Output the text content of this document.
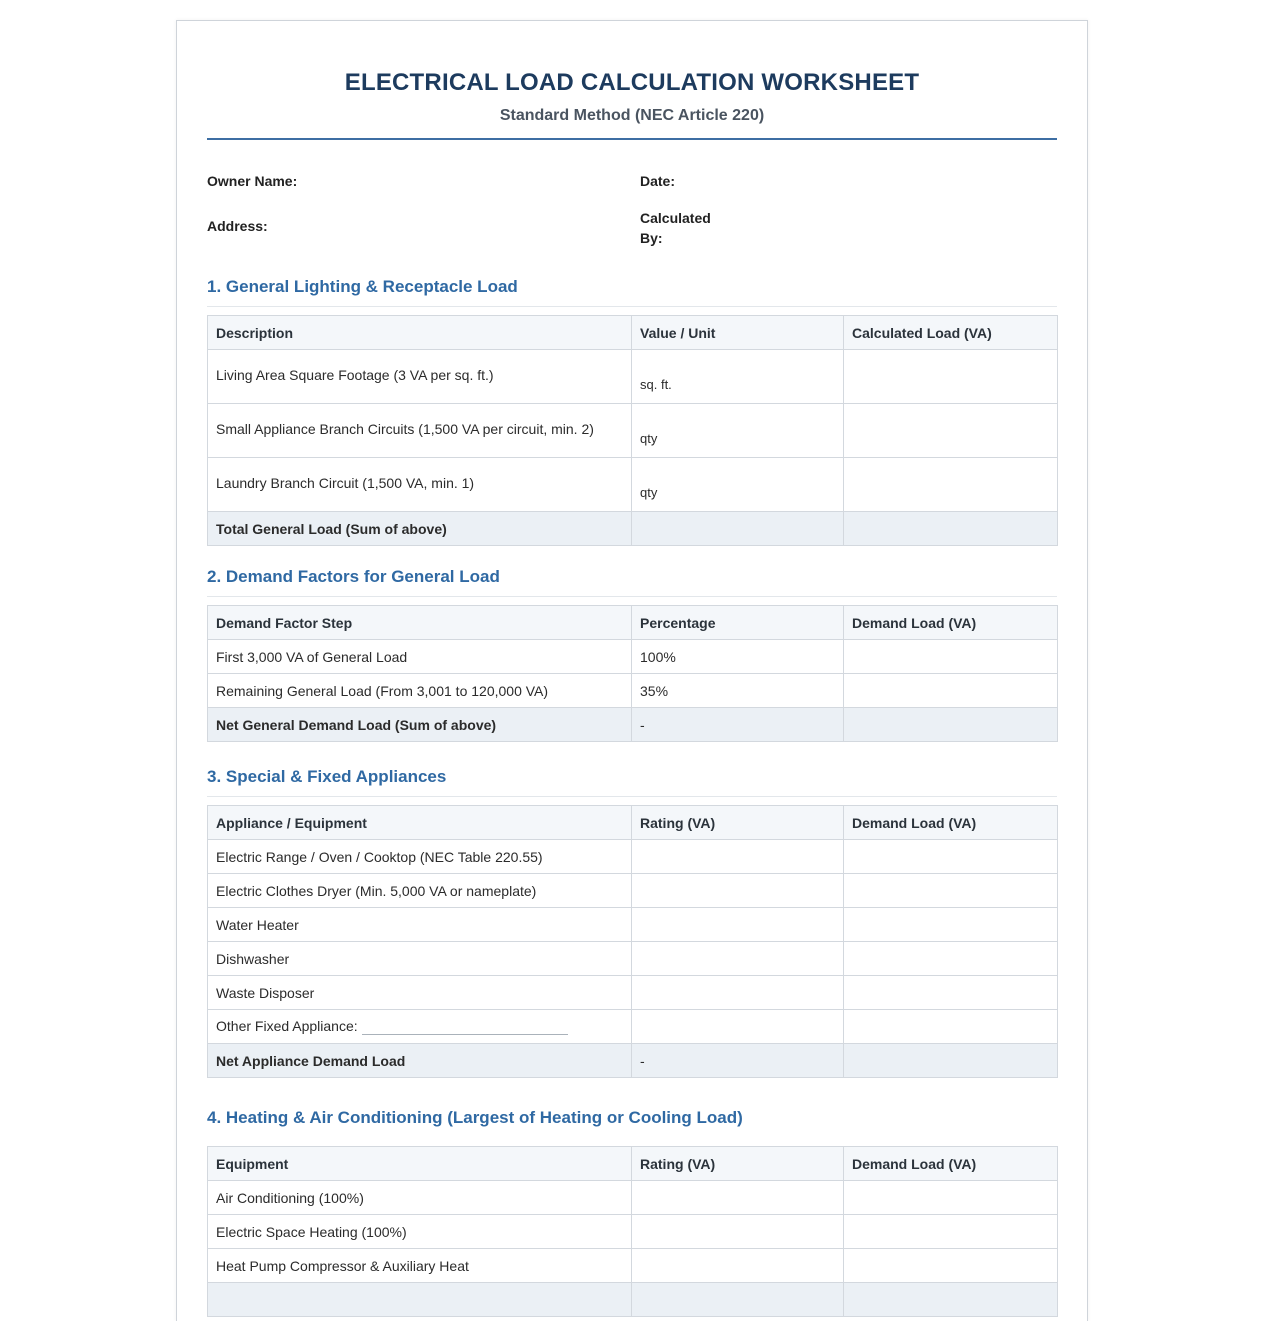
ELECTRICAL LOAD CALCULATION WORKSHEET
Standard Method (NEC Article 220)
Owner Name:	Date:
Address:	Calculated
By:
1. General Lighting & Receptacle Load
Description	Value / Unit	Calculated Load (VA)
Living Area Square Footage (3 VA per sq. ft.)	sq. ft.	
Small Appliance Branch Circuits (1,500 VA per circuit, min. 2)	qty	
Laundry Branch Circuit (1,500 VA, min. 1)	qty	
Total General Load (Sum of above)		
2. Demand Factors for General Load
Demand Factor Step	Percentage	Demand Load (VA)
First 3,000 VA of General Load	100%	
Remaining General Load (From 3,001 to 120,000 VA)	35%	
Net General Demand Load (Sum of above)	-	
3. Special & Fixed Appliances
Appliance / Equipment	Rating (VA)	Demand Load (VA)
Electric Range / Oven / Cooktop (NEC Table 220.55)		
Electric Clothes Dryer (Min. 5,000 VA or nameplate)		
Water Heater		
Dishwasher		
Waste Disposer		
Other Fixed Appliance:		
Net Appliance Demand Load	-	
4. Heating & Air Conditioning (Largest of Heating or Cooling Load)
Equipment	Rating (VA)	Demand Load (VA)
Air Conditioning (100%)		
Electric Space Heating (100%)		
Heat Pump Compressor & Auxiliary Heat		
